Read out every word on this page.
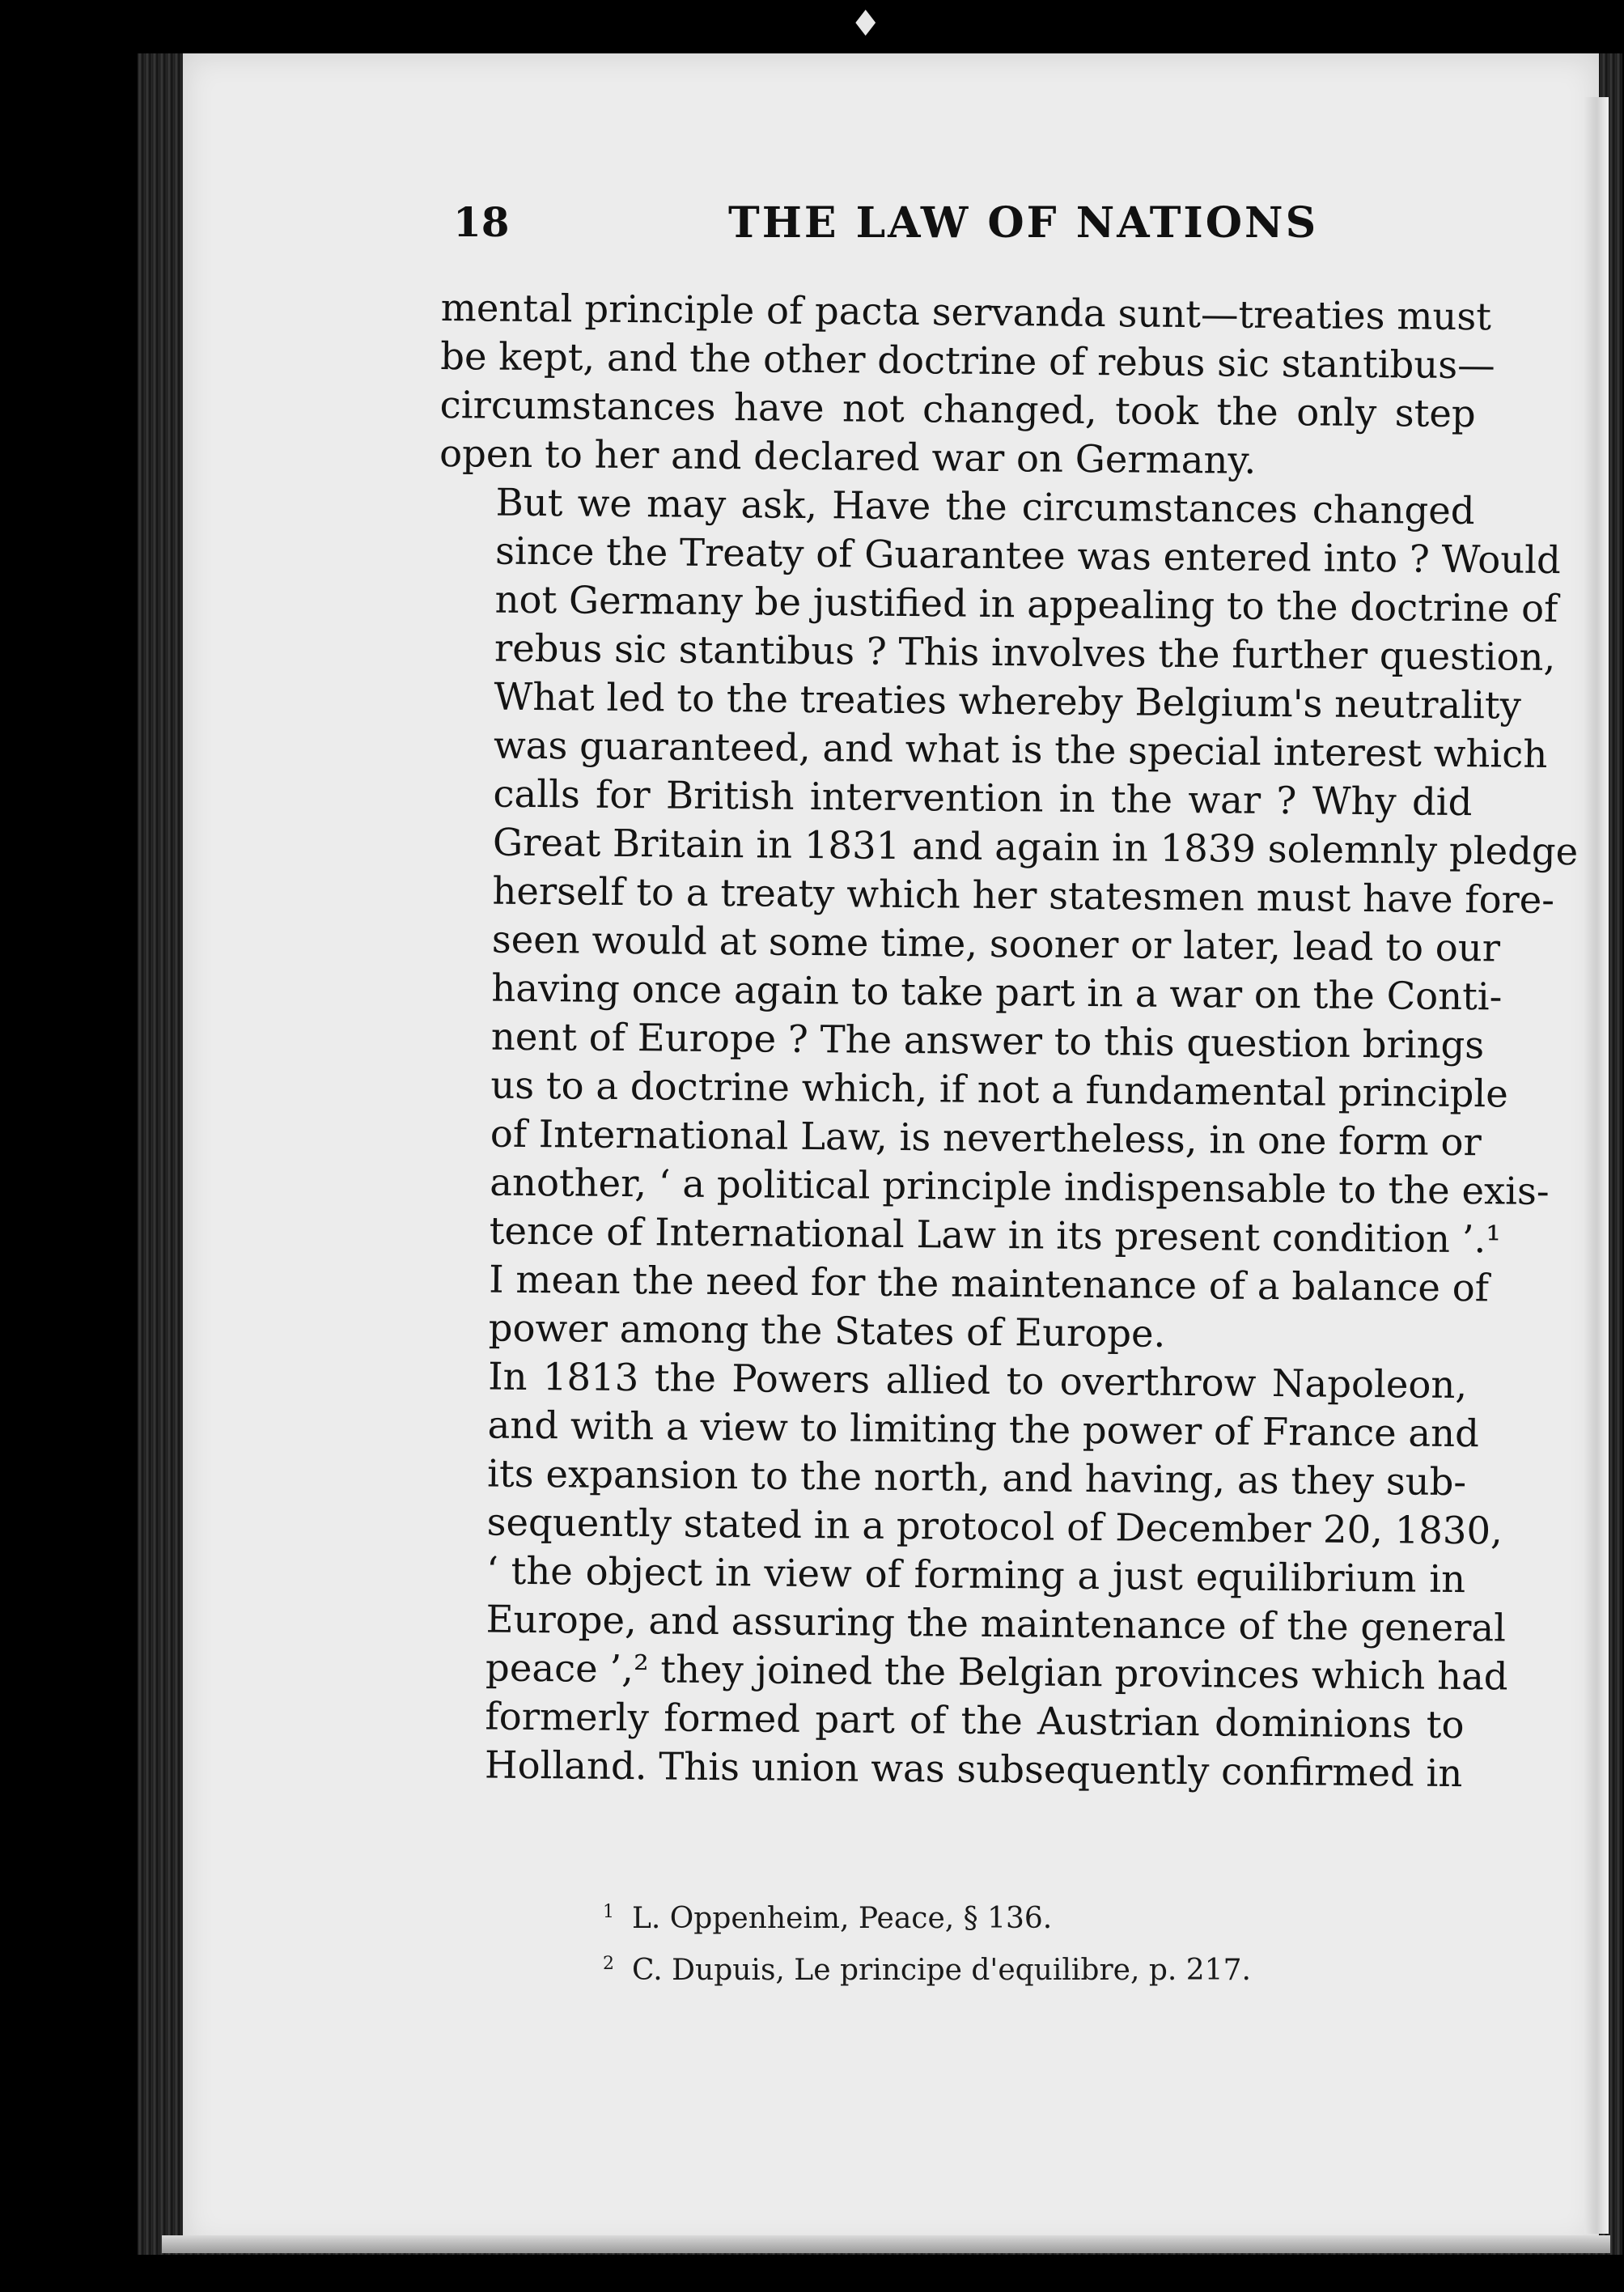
♦
18	THE LAW OF NATIONS
mental principle of pacta servanda sunt—treaties must
be kept, and the other doctrine of rebus sic stantibus—
circumstances have not changed, took the only step
open to her and declared war on Germany.
But we may ask, Have the circumstances changed
since the Treaty of Guarantee was entered into ? Would
not Germany be justified in appealing to the doctrine of
rebus sic stantibus ? This involves the further question,
What led to the treaties whereby Belgium's neutrality
was guaranteed, and what is the special interest which
calls for British intervention in the war ? Why did
Great Britain in 1831 and again in 1839 solemnly pledge
herself to a treaty which her statesmen must have fore-
seen would at some time, sooner or later, lead to our
having once again to take part in a war on the Conti-
nent of Europe ? The answer to this question brings
us to a doctrine which, if not a fundamental principle
of International Law, is nevertheless, in one form or
another, ‘ a political principle indispensable to the exis-
tence of International Law in its present condition ’.¹
I mean the need for the maintenance of a balance of
power among the States of Europe.
In 1813 the Powers allied to overthrow Napoleon,
and with a view to limiting the power of France and
its expansion to the north, and having, as they sub-
sequently stated in a protocol of December 20, 1830,
‘ the object in view of forming a just equilibrium in
Europe, and assuring the maintenance of the general
peace ’,² they joined the Belgian provinces which had
formerly formed part of the Austrian dominions to
Holland. This union was subsequently confirmed in
$^1$ L. Oppenheim, Peace, § 136.
$^2$ C. Dupuis, Le principe d'equilibre, p. 217.
